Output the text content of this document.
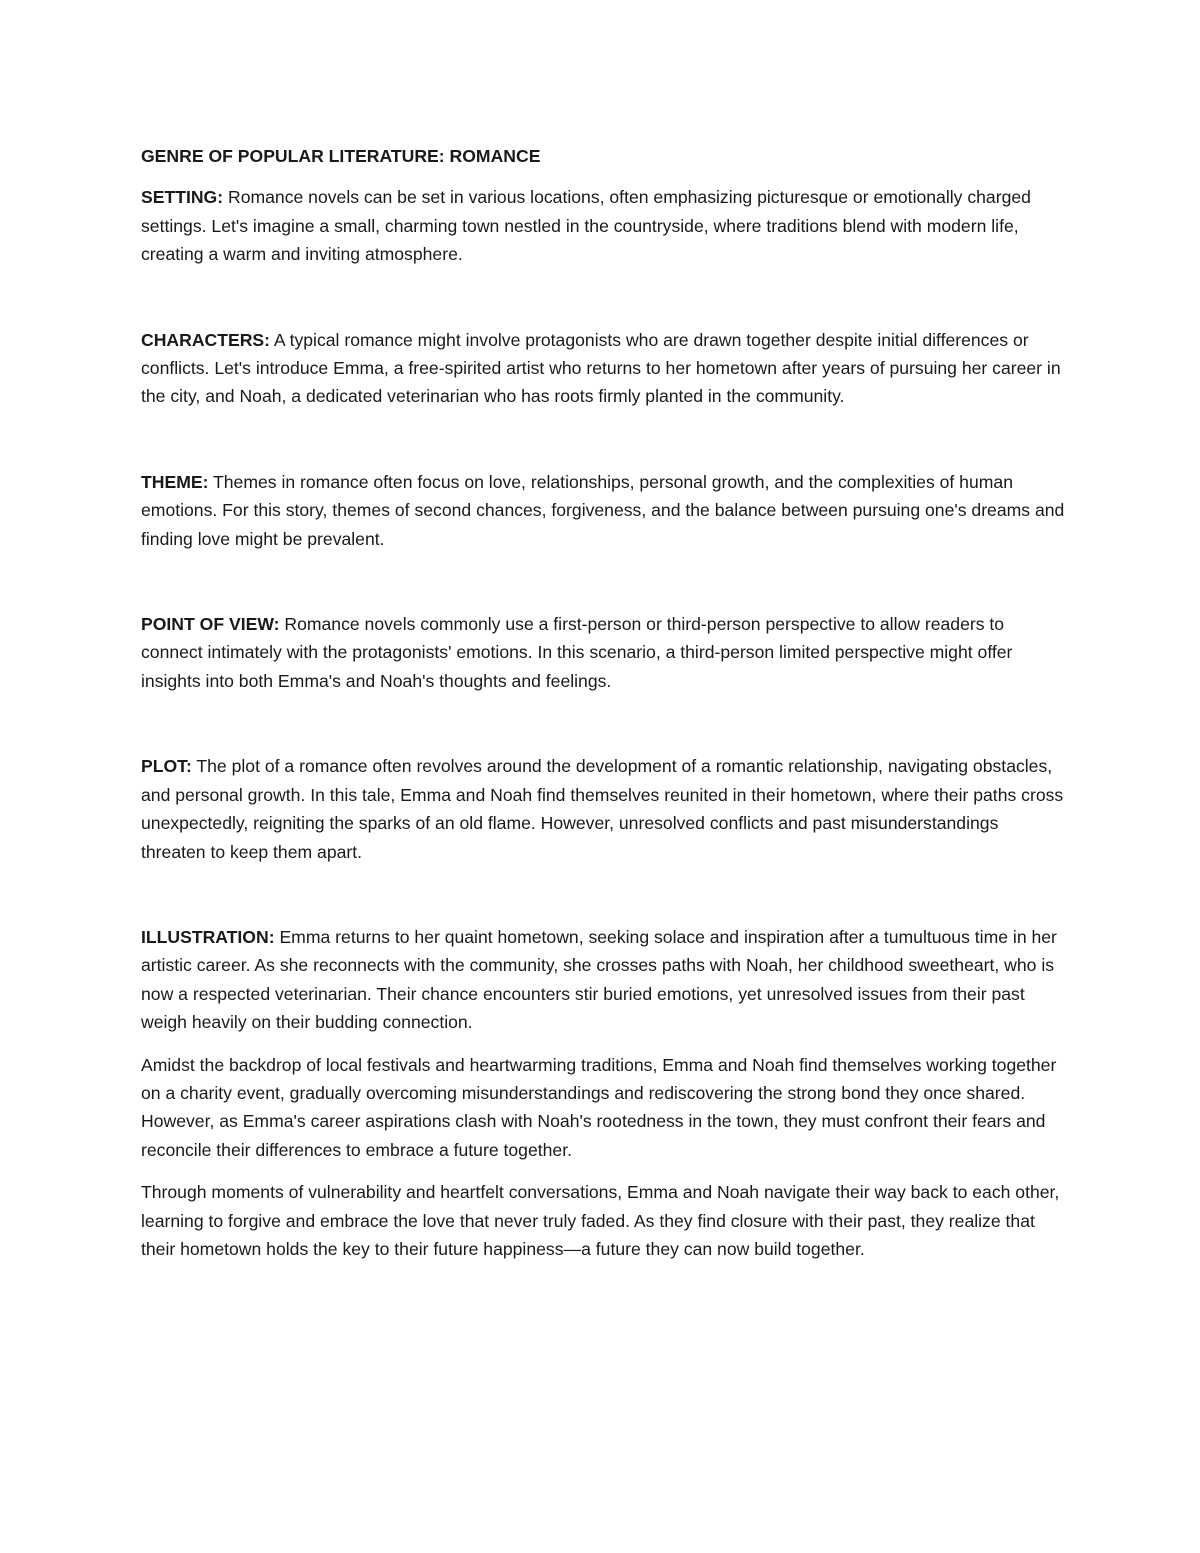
GENRE OF POPULAR LITERATURE: ROMANCE

SETTING: Romance novels can be set in various locations, often emphasizing picturesque or emotionally charged settings. Let's imagine a small, charming town nestled in the countryside, where traditions blend with modern life, creating a warm and inviting atmosphere.

CHARACTERS: A typical romance might involve protagonists who are drawn together despite initial differences or conflicts. Let's introduce Emma, a free-spirited artist who returns to her hometown after years of pursuing her career in the city, and Noah, a dedicated veterinarian who has roots firmly planted in the community.

THEME: Themes in romance often focus on love, relationships, personal growth, and the complexities of human emotions. For this story, themes of second chances, forgiveness, and the balance between pursuing one's dreams and finding love might be prevalent.

POINT OF VIEW: Romance novels commonly use a first-person or third-person perspective to allow readers to connect intimately with the protagonists' emotions. In this scenario, a third-person limited perspective might offer insights into both Emma's and Noah's thoughts and feelings.

PLOT: The plot of a romance often revolves around the development of a romantic relationship, navigating obstacles, and personal growth. In this tale, Emma and Noah find themselves reunited in their hometown, where their paths cross unexpectedly, reigniting the sparks of an old flame. However, unresolved conflicts and past misunderstandings threaten to keep them apart.

ILLUSTRATION: Emma returns to her quaint hometown, seeking solace and inspiration after a tumultuous time in her artistic career. As she reconnects with the community, she crosses paths with Noah, her childhood sweetheart, who is now a respected veterinarian. Their chance encounters stir buried emotions, yet unresolved issues from their past weigh heavily on their budding connection.

Amidst the backdrop of local festivals and heartwarming traditions, Emma and Noah find themselves working together on a charity event, gradually overcoming misunderstandings and rediscovering the strong bond they once shared. However, as Emma's career aspirations clash with Noah's rootedness in the town, they must confront their fears and reconcile their differences to embrace a future together.

Through moments of vulnerability and heartfelt conversations, Emma and Noah navigate their way back to each other, learning to forgive and embrace the love that never truly faded. As they find closure with their past, they realize that their hometown holds the key to their future happiness—a future they can now build together.
